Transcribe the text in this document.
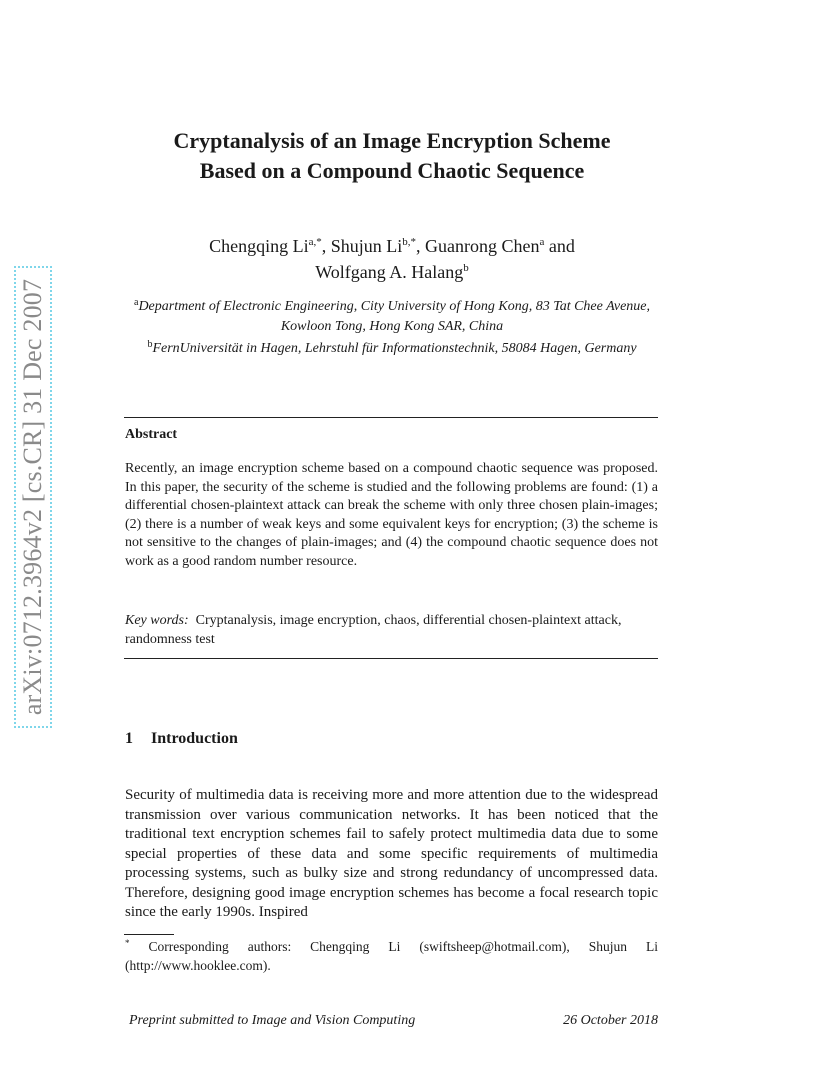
arXiv:0712.3964v2 [cs.CR] 31 Dec 2007
Cryptanalysis of an Image Encryption Scheme
Based on a Compound Chaotic Sequence
Chengqing $Li^{a,*}$, Shujun $Li^{b,*}$, Guanrong Chen$^a$ and
Wolfgang A. Halang$^b$
$^a$Department of Electronic Engineering, City University of Hong Kong, 83 Tat Chee Avenue, Kowloon Tong, Hong Kong SAR, China
$^b$FernUniversität in Hagen, Lehrstuhl für Informationstechnik, 58084 Hagen, Germany
Abstract
Recently, an image encryption scheme based on a compound chaotic sequence was proposed. In this paper, the security of the scheme is studied and the following problems are found: (1) a differential chosen-plaintext attack can break the scheme with only three chosen plain-images; (2) there is a number of weak keys and some equivalent keys for encryption; (3) the scheme is not sensitive to the changes of plain-images; and (4) the compound chaotic sequence does not work as a good random number resource.
Key words: Cryptanalysis, image encryption, chaos, differential chosen-plaintext attack, randomness test
1 Introduction
Security of multimedia data is receiving more and more attention due to the widespread transmission over various communication networks. It has been noticed that the traditional text encryption schemes fail to safely protect multimedia data due to some special properties of these data and some specific requirements of multimedia processing systems, such as bulky size and strong redundancy of uncompressed data. Therefore, designing good image encryption schemes has become a focal research topic since the early 1990s. Inspired
* Corresponding authors: Chengqing Li (swiftsheep@hotmail.com), Shujun Li (http://www.hooklee.com).
Preprint submitted to Image and Vision Computing	26 October 2018
